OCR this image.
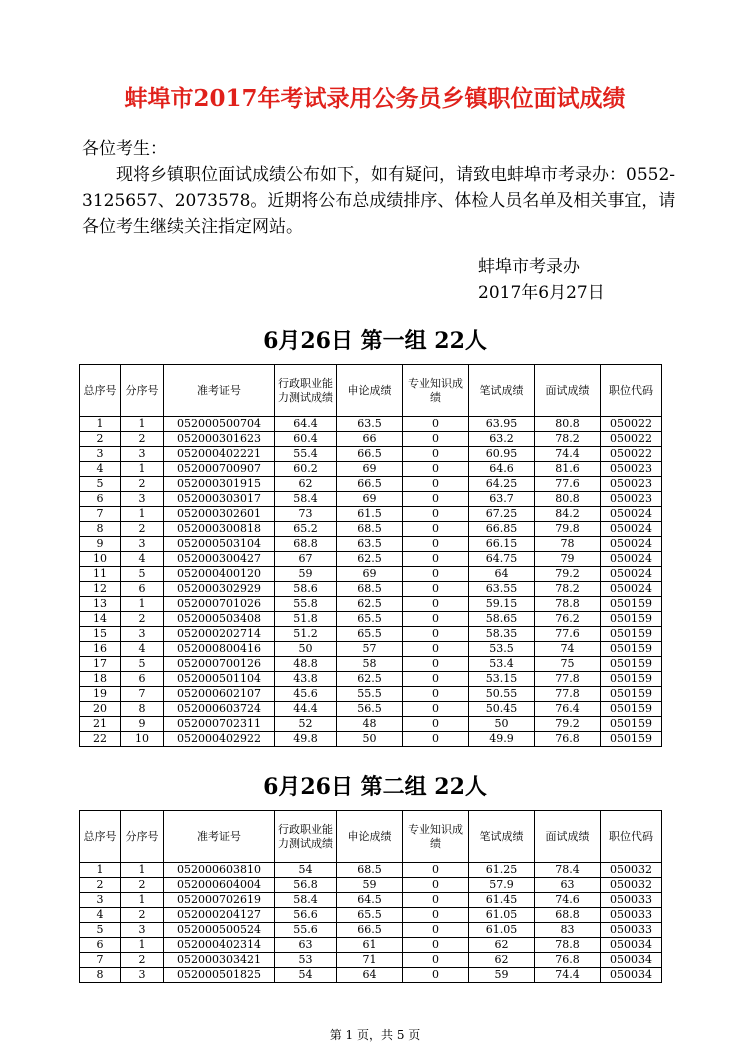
蚌埠市2017年考试录用公务员乡镇职位面试成绩
各位考生：
现将乡镇职位面试成绩公布如下，如有疑问，请致电蚌埠市考录办：0552-3125657、2073578。近期将公布总成绩排序、体检人员名单及相关事宜，请各位考生继续关注指定网站。
蚌埠市考录办
2017年6月27日
6月26日 第一组 22人
总序号	分序号	准考证号	行政职业能力测试成绩	申论成绩	专业知识成绩	笔试成绩	面试成绩	职位代码
1	1	052000500704	64.4	63.5	0	63.95	80.8	050022
2	2	052000301623	60.4	66	0	63.2	78.2	050022
3	3	052000402221	55.4	66.5	0	60.95	74.4	050022
4	1	052000700907	60.2	69	0	64.6	81.6	050023
5	2	052000301915	62	66.5	0	64.25	77.6	050023
6	3	052000303017	58.4	69	0	63.7	80.8	050023
7	1	052000302601	73	61.5	0	67.25	84.2	050024
8	2	052000300818	65.2	68.5	0	66.85	79.8	050024
9	3	052000503104	68.8	63.5	0	66.15	78	050024
10	4	052000300427	67	62.5	0	64.75	79	050024
11	5	052000400120	59	69	0	64	79.2	050024
12	6	052000302929	58.6	68.5	0	63.55	78.2	050024
13	1	052000701026	55.8	62.5	0	59.15	78.8	050159
14	2	052000503408	51.8	65.5	0	58.65	76.2	050159
15	3	052000202714	51.2	65.5	0	58.35	77.6	050159
16	4	052000800416	50	57	0	53.5	74	050159
17	5	052000700126	48.8	58	0	53.4	75	050159
18	6	052000501104	43.8	62.5	0	53.15	77.8	050159
19	7	052000602107	45.6	55.5	0	50.55	77.8	050159
20	8	052000603724	44.4	56.5	0	50.45	76.4	050159
21	9	052000702311	52	48	0	50	79.2	050159
22	10	052000402922	49.8	50	0	49.9	76.8	050159
6月26日 第二组 22人
总序号	分序号	准考证号	行政职业能力测试成绩	申论成绩	专业知识成绩	笔试成绩	面试成绩	职位代码
1	1	052000603810	54	68.5	0	61.25	78.4	050032
2	2	052000604004	56.8	59	0	57.9	63	050032
3	1	052000702619	58.4	64.5	0	61.45	74.6	050033
4	2	052000204127	56.6	65.5	0	61.05	68.8	050033
5	3	052000500524	55.6	66.5	0	61.05	83	050033
6	1	052000402314	63	61	0	62	78.8	050034
7	2	052000303421	53	71	0	62	76.8	050034
8	3	052000501825	54	64	0	59	74.4	050034
第 1 页，共 5 页
